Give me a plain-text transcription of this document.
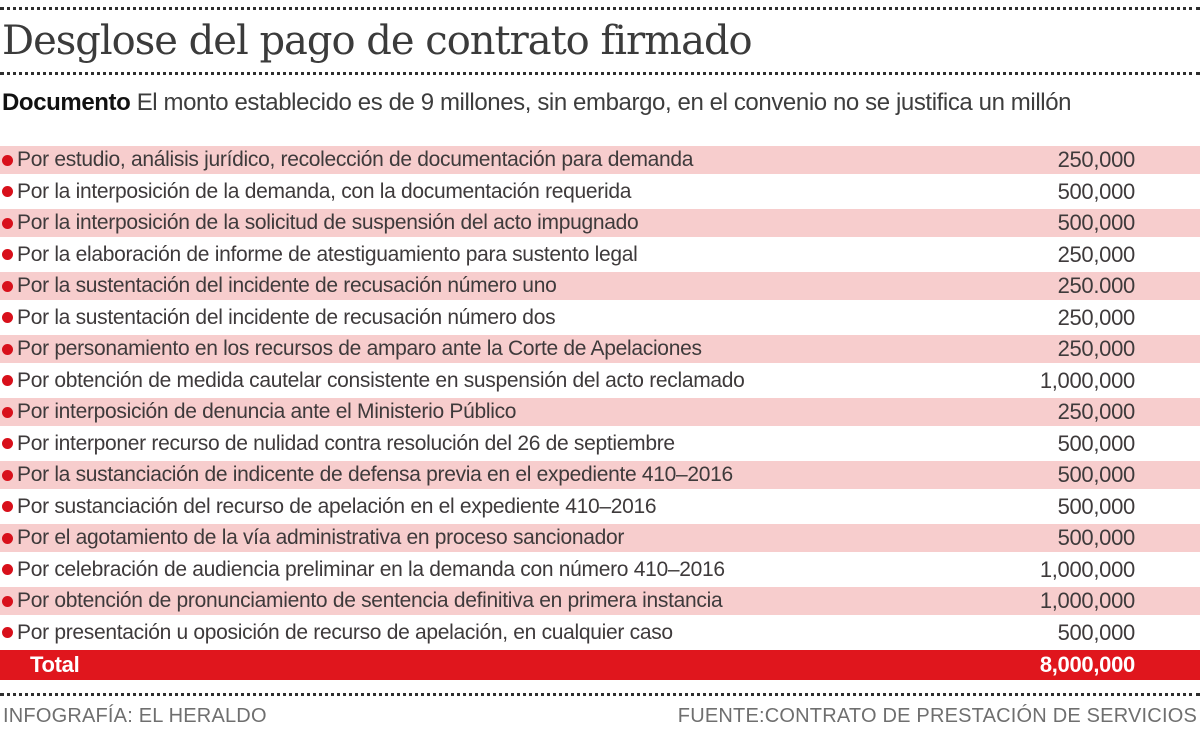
Desglose del pago de contrato firmado

Documento El monto establecido es de 9 millones, sin embargo, en el convenio no se justifica un millón

Por estudio, análisis jurídico, recolección de documentación para demanda	250,000
Por la interposición de la demanda, con la documentación requerida	500,000
Por la interposición de la solicitud de suspensión del acto impugnado	500,000
Por la elaboración de informe de atestiguamiento para sustento legal	250,000
Por la sustentación del incidente de recusación número uno	250.000
Por la sustentación del incidente de recusación número dos	250,000
Por personamiento en los recursos de amparo ante la Corte de Apelaciones	250,000
Por obtención de medida cautelar consistente en suspensión del acto reclamado	1,000,000
Por interposición de denuncia ante el Ministerio Público	250,000
Por interponer recurso de nulidad contra resolución del 26 de septiembre	500,000
Por la sustanciación de indicente de defensa previa en el expediente 410–2016	500,000
Por sustanciación del recurso de apelación en el expediente 410–2016	500,000
Por el agotamiento de la vía administrativa en proceso sancionador	500,000
Por celebración de audiencia preliminar en la demanda con número 410–2016	1,000,000
Por obtención de pronunciamiento de sentencia definitiva en primera instancia	1,000,000
Por presentación u oposición de recurso de apelación, en cualquier caso	500,000
Total	8,000,000
INFOGRAFÍA: EL HERALDO	FUENTE:CONTRATO DE PRESTACIÓN DE SERVICIOS
